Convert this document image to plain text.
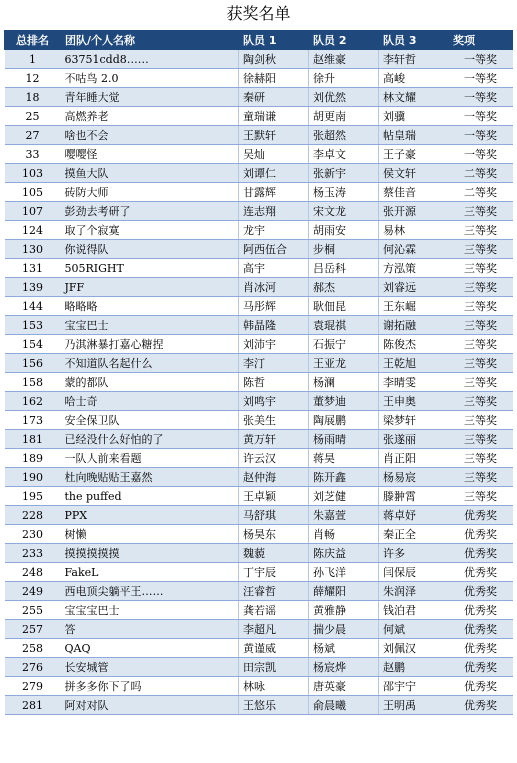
获奖名单
总排名	团队/个人名称	队员 1	队员 2	队员 3	奖项
1	63751cdd8……	陶剑秋	赵维豪	李轩哲	一等奖
12	不咕鸟 2.0	徐赫阳	徐升	高峻	一等奖
18	青年睡大觉	秦研	刘优然	林文耀	一等奖
25	高燃养老	童瑞谦	胡更南	刘骥	一等奖
27	啥也不会	王默轩	张超然	帖皇瑞	一等奖
33	嘤嘤怪	吴灿	李卓文	王子豪	一等奖
103	摸鱼大队	刘谭仁	张新宇	侯文轩	二等奖
105	砖防大师	甘露辉	杨玉涛	蔡佳音	二等奖
107	彭劲去考研了	连志翔	宋文龙	张开源	三等奖
124	取了个寂寞	龙宇	胡雨安	易林	三等奖
130	你说得队	阿西伍合	步桐	何沁霖	三等奖
131	505RIGHT	高宇	吕岳科	方泓策	三等奖
139	JFF	肖冰河	郝杰	刘睿远	三等奖
144	略略略	马彤辉	耿佃昆	王东崛	三等奖
153	宝宝巴士	韩晶隆	袁琨祺	谢拓融	三等奖
154	乃淇淋暴打嘉心糖捏	刘沛宇	石振宁	陈俊杰	三等奖
156	不知道队名起什么	李汀	王亚龙	王乾旭	三等奖
158	蒙的都队	陈哲	杨澜	李晴雯	三等奖
162	哈士奇	刘鸣宇	董梦迪	王申奥	三等奖
173	安全保卫队	张美生	陶展鹏	梁梦轩	三等奖
181	已经没什么好怕的了	黄万轩	杨雨晴	张遂丽	三等奖
189	一队人前来看题	许云汉	蒋昊	肖正阳	三等奖
190	杜向晚贴贴王嘉然	赵仲海	陈开鑫	杨易宸	三等奖
195	the puffed	王卓颖	刘芝健	滕翀霄	三等奖
228	PPX	马舒琪	朱嘉萱	蒋卓妤	优秀奖
230	树懒	杨昊东	肖畅	秦正全	优秀奖
233	摸摸摸摸摸	魏藐	陈庆益	许多	优秀奖
248	FakeL	丁宇辰	孙飞洋	闫保辰	优秀奖
249	西电顶尖躺平王……	汪睿哲	薛耀阳	朱润泽	优秀奖
255	宝宝宝巴士	龚若谣	黄雅静	钱泊君	优秀奖
257	答	李超凡	揣少晨	何斌	优秀奖
258	QAQ	黄谨威	杨斌	刘佩汉	优秀奖
276	长安城管	田宗凯	杨宸烨	赵鹏	优秀奖
279	拼多多你下了吗	林咏	唐英豪	邵宇宁	优秀奖
281	阿对对队	王悠乐	俞晨曦	王明禹	优秀奖
